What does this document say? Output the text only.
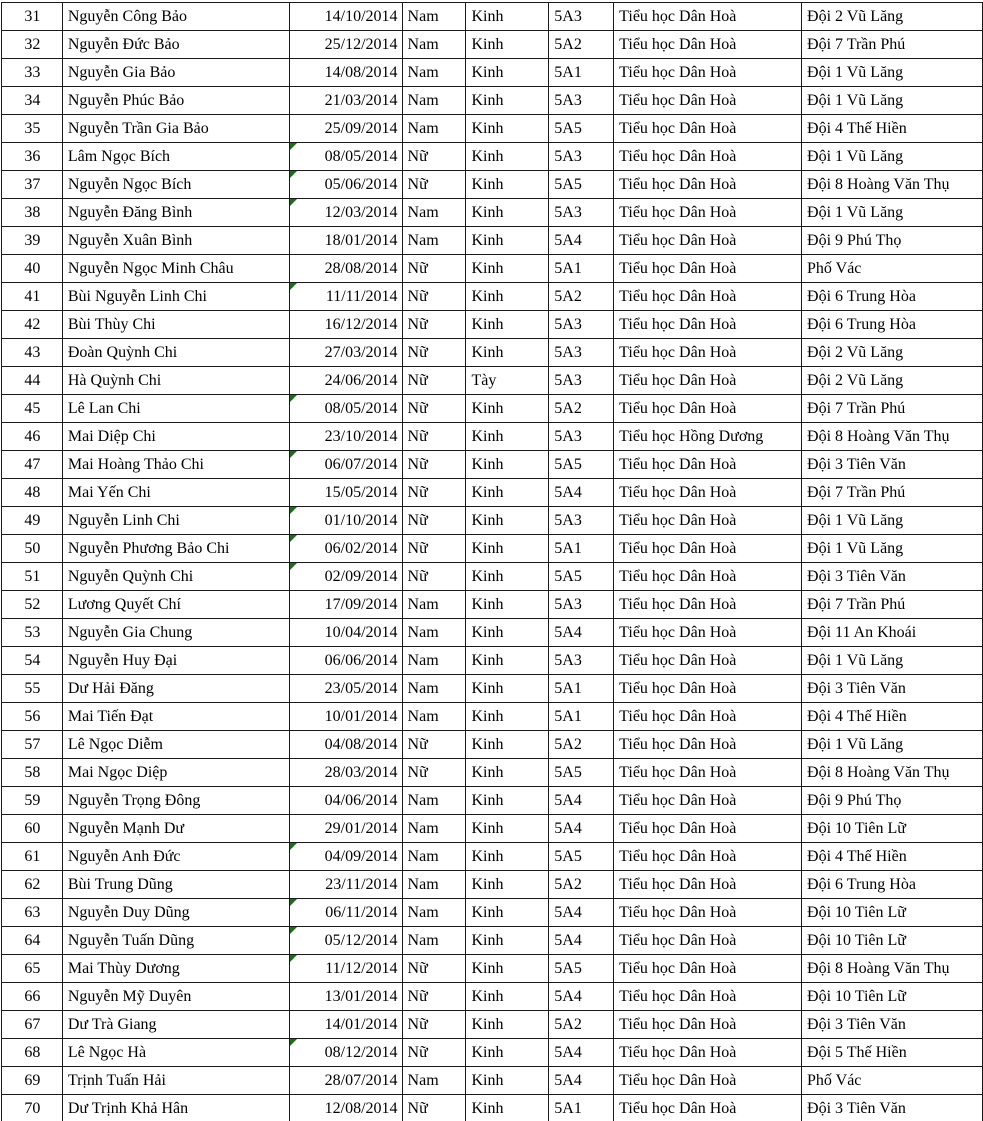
31	Nguyễn Công Bảo	14/10/2014	Nam	Kinh	5A3	Tiểu học Dân Hoà	Đội 2 Vũ Lăng
32	Nguyễn Đức Bảo	25/12/2014	Nam	Kinh	5A2	Tiểu học Dân Hoà	Đội 7 Trần Phú
33	Nguyễn Gia Bảo	14/08/2014	Nam	Kinh	5A1	Tiểu học Dân Hoà	Đội 1 Vũ Lăng
34	Nguyễn Phúc Bảo	21/03/2014	Nam	Kinh	5A3	Tiểu học Dân Hoà	Đội 1 Vũ Lăng
35	Nguyễn Trần Gia Bảo	25/09/2014	Nam	Kinh	5A5	Tiểu học Dân Hoà	Đội 4 Thế Hiền
36	Lâm Ngọc Bích	08/05/2014	Nữ	Kinh	5A3	Tiểu học Dân Hoà	Đội 1 Vũ Lăng
37	Nguyễn Ngọc Bích	05/06/2014	Nữ	Kinh	5A5	Tiểu học Dân Hoà	Đội 8 Hoàng Văn Thụ
38	Nguyễn Đăng Bình	12/03/2014	Nam	Kinh	5A3	Tiểu học Dân Hoà	Đội 1 Vũ Lăng
39	Nguyễn Xuân Bình	18/01/2014	Nam	Kinh	5A4	Tiểu học Dân Hoà	Đội 9 Phú Thọ
40	Nguyễn Ngọc Minh Châu	28/08/2014	Nữ	Kinh	5A1	Tiểu học Dân Hoà	Phố Vác
41	Bùi Nguyễn Linh Chi	11/11/2014	Nữ	Kinh	5A2	Tiểu học Dân Hoà	Đội 6 Trung Hòa
42	Bùi Thùy Chi	16/12/2014	Nữ	Kinh	5A3	Tiểu học Dân Hoà	Đội 6 Trung Hòa
43	Đoàn Quỳnh Chi	27/03/2014	Nữ	Kinh	5A3	Tiểu học Dân Hoà	Đội 2 Vũ Lăng
44	Hà Quỳnh Chi	24/06/2014	Nữ	Tày	5A3	Tiểu học Dân Hoà	Đội 2 Vũ Lăng
45	Lê Lan Chi	08/05/2014	Nữ	Kinh	5A2	Tiểu học Dân Hoà	Đội 7 Trần Phú
46	Mai Diệp Chi	23/10/2014	Nữ	Kinh	5A3	Tiểu học Hồng Dương	Đội 8 Hoàng Văn Thụ
47	Mai Hoàng Thảo Chi	06/07/2014	Nữ	Kinh	5A5	Tiểu học Dân Hoà	Đội 3 Tiên Văn
48	Mai Yến Chi	15/05/2014	Nữ	Kinh	5A4	Tiểu học Dân Hoà	Đội 7 Trần Phú
49	Nguyễn Linh Chi	01/10/2014	Nữ	Kinh	5A3	Tiểu học Dân Hoà	Đội 1 Vũ Lăng
50	Nguyễn Phương Bảo Chi	06/02/2014	Nữ	Kinh	5A1	Tiểu học Dân Hoà	Đội 1 Vũ Lăng
51	Nguyễn Quỳnh Chi	02/09/2014	Nữ	Kinh	5A5	Tiểu học Dân Hoà	Đội 3 Tiên Văn
52	Lương Quyết Chí	17/09/2014	Nam	Kinh	5A3	Tiểu học Dân Hoà	Đội 7 Trần Phú
53	Nguyễn Gia Chung	10/04/2014	Nam	Kinh	5A4	Tiểu học Dân Hoà	Đội 11 An Khoái
54	Nguyễn Huy Đại	06/06/2014	Nam	Kinh	5A3	Tiểu học Dân Hoà	Đội 1 Vũ Lăng
55	Dư Hải Đăng	23/05/2014	Nam	Kinh	5A1	Tiểu học Dân Hoà	Đội 3 Tiên Văn
56	Mai Tiến Đạt	10/01/2014	Nam	Kinh	5A1	Tiểu học Dân Hoà	Đội 4 Thế Hiền
57	Lê Ngọc Diễm	04/08/2014	Nữ	Kinh	5A2	Tiểu học Dân Hoà	Đội 1 Vũ Lăng
58	Mai Ngọc Diệp	28/03/2014	Nữ	Kinh	5A5	Tiểu học Dân Hoà	Đội 8 Hoàng Văn Thụ
59	Nguyễn Trọng Đông	04/06/2014	Nam	Kinh	5A4	Tiểu học Dân Hoà	Đội 9 Phú Thọ
60	Nguyễn Mạnh Dư	29/01/2014	Nam	Kinh	5A4	Tiểu học Dân Hoà	Đội 10 Tiên Lữ
61	Nguyễn Anh Đức	04/09/2014	Nam	Kinh	5A5	Tiểu học Dân Hoà	Đội 4 Thế Hiền
62	Bùi Trung Dũng	23/11/2014	Nam	Kinh	5A2	Tiểu học Dân Hoà	Đội 6 Trung Hòa
63	Nguyễn Duy Dũng	06/11/2014	Nam	Kinh	5A4	Tiểu học Dân Hoà	Đội 10 Tiên Lữ
64	Nguyễn Tuấn Dũng	05/12/2014	Nam	Kinh	5A4	Tiểu học Dân Hoà	Đội 10 Tiên Lữ
65	Mai Thùy Dương	11/12/2014	Nữ	Kinh	5A5	Tiểu học Dân Hoà	Đội 8 Hoàng Văn Thụ
66	Nguyễn Mỹ Duyên	13/01/2014	Nữ	Kinh	5A4	Tiểu học Dân Hoà	Đội 10 Tiên Lữ
67	Dư Trà Giang	14/01/2014	Nữ	Kinh	5A2	Tiểu học Dân Hoà	Đội 3 Tiên Văn
68	Lê Ngọc Hà	08/12/2014	Nữ	Kinh	5A4	Tiểu học Dân Hoà	Đội 5 Thế Hiền
69	Trịnh Tuấn Hải	28/07/2014	Nam	Kinh	5A4	Tiểu học Dân Hoà	Phố Vác
70	Dư Trịnh Khả Hân	12/08/2014	Nữ	Kinh	5A1	Tiểu học Dân Hoà	Đội 3 Tiên Văn
